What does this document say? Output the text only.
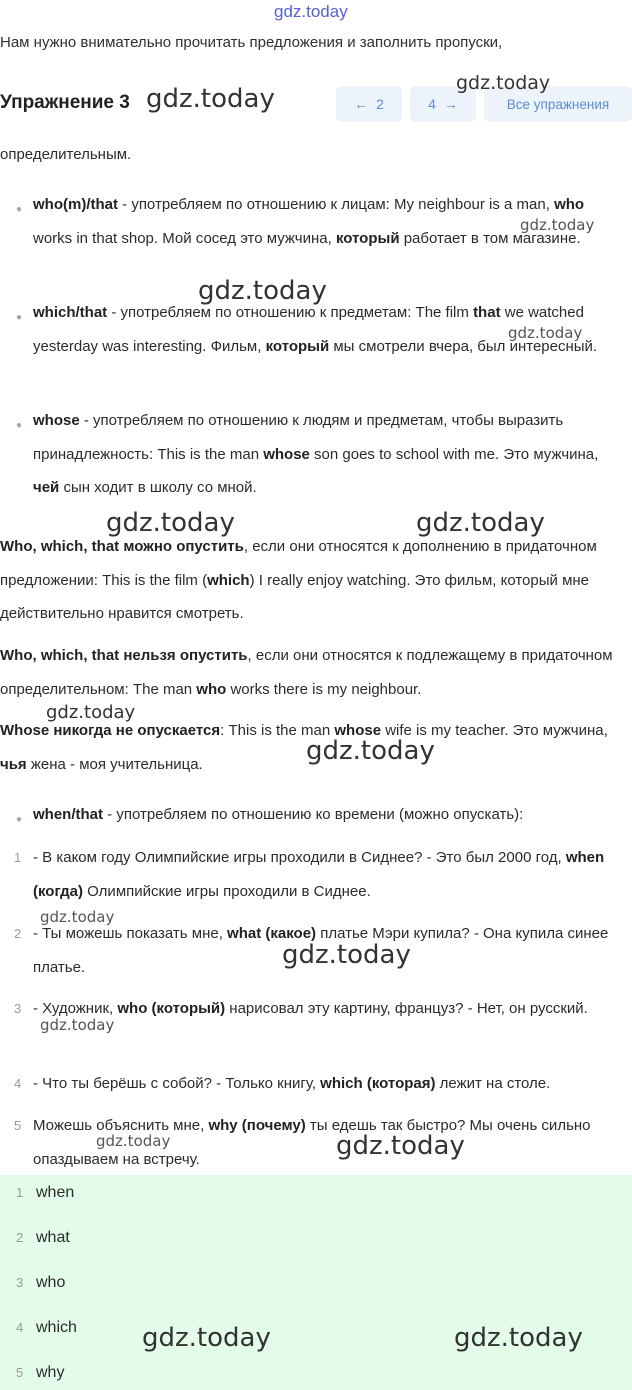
gdz.today
Нам нужно внимательно прочитать предложения и заполнить пропуски,
Упражнение 3	← 2	4 →	Все упражнения
определительным.
● who(m)/that - употребляем по отношению к лицам: My neighbour is a man, who works in that shop. Мой сосед это мужчина, который работает в том магазине.
● which/that - употребляем по отношению к предметам: The film that we watched yesterday was interesting. Фильм, который мы смотрели вчера, был интересный.
● whose - употребляем по отношению к людям и предметам, чтобы выразить принадлежность: This is the man whose son goes to school with me. Это мужчина, чей сын ходит в школу со мной.
Who, which, that можно опустить, если они относятся к дополнению в придаточном предложении: This is the film (which) I really enjoy watching. Это фильм, который мне действительно нравится смотреть.
Who, which, that нельзя опустить, если они относятся к подлежащему в придаточном определительном: The man who works there is my neighbour.
Whose никогда не опускается: This is the man whose wife is my teacher. Это мужчина, чья жена - моя учительница.
● when/that - употребляем по отношению ко времени (можно опускать):
1 - В каком году Олимпийские игры проходили в Сиднее? - Это был 2000 год, when (когда) Олимпийские игры проходили в Сиднее.
2 - Ты можешь показать мне, what (какое) платье Мэри купила? - Она купила синее платье.
3 - Художник, who (который) нарисовал эту картину, француз? - Нет, он русский.
4 - Что ты берёшь с собой? - Только книгу, which (которая) лежит на столе.
5 Можешь объяснить мне, why (почему) ты едешь так быстро? Мы очень сильно опаздываем на встречу.
1 when
2 what
3 who
4 which
5 why
gdz.today
gdz.today
gdz.today
gdz.today
gdz.today
gdz.today	gdz.today
gdz.today
gdz.today
gdz.today
gdz.today
gdz.today
gdz.today	gdz.today
gdz.today	gdz.today
